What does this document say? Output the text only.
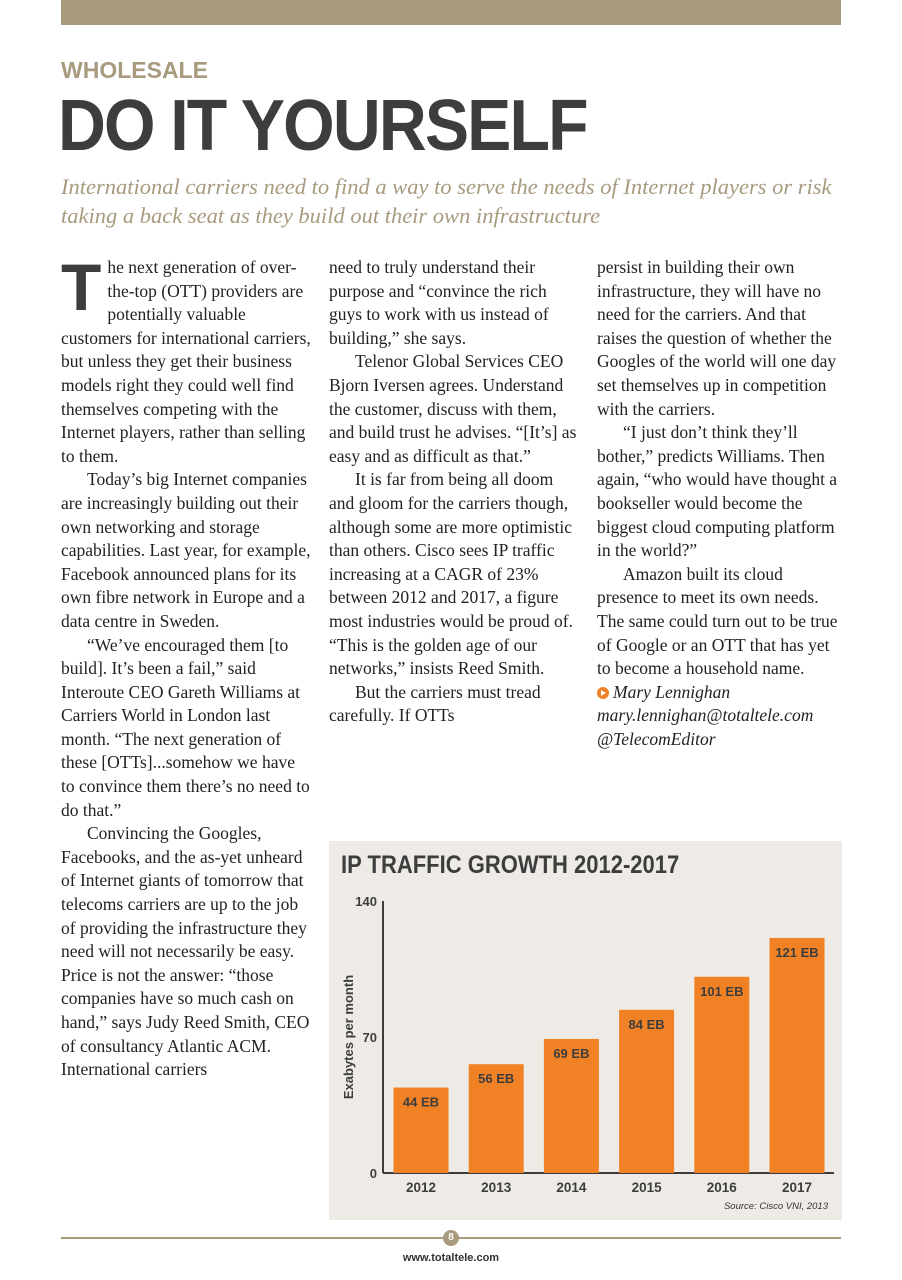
WHOLESALE
DO IT YOURSELF
International carriers need to find a way to serve the needs of Internet players or risk taking a back seat as they build out their own infrastructure

The next generation of over-the-top (OTT) providers are potentially valuable customers for international carriers, but unless they get their business models right they could well find themselves competing with the Internet players, rather than selling to them.

Today’s big Internet companies are increasingly building out their own networking and storage capabilities. Last year, for example, Facebook announced plans for its own fibre network in Europe and a data centre in Sweden.

“We’ve encouraged them [to build]. It’s been a fail,” said Interoute CEO Gareth Williams at Carriers World in London last month. “The next generation of these [OTTs]...somehow we have to convince them there’s no need to do that.”

Convincing the Googles, Facebooks, and the as-yet unheard of Internet giants of tomorrow that telecoms carriers are up to the job of providing the infrastructure they need will not necessarily be easy. Price is not the answer: “those companies have so much cash on hand,” says Judy Reed Smith, CEO of consultancy Atlantic ACM. International carriers

need to truly understand their purpose and “convince the rich guys to work with us instead of building,” she says.

Telenor Global Services CEO Bjorn Iversen agrees. Understand the customer, discuss with them, and build trust he advises. “[It’s] as easy and as difficult as that.”

It is far from being all doom and gloom for the carriers though, although some are more optimistic than others. Cisco sees IP traffic increasing at a CAGR of 23% between 2012 and 2017, a figure most industries would be proud of. “This is the golden age of our networks,” insists Reed Smith.

But the carriers must tread carefully. If OTTs

persist in building their own infrastructure, they will have no need for the carriers. And that raises the question of whether the Googles of the world will one day set themselves up in competition with the carriers.

“I just don’t think they’ll bother,” predicts Williams. Then again, “who would have thought a bookseller would become the biggest cloud computing platform in the world?”

Amazon built its cloud presence to meet its own needs. The same could turn out to be true of Google or an OTT that has yet to become a household name.

Mary Lennighan

mary.lennighan@totaltele.com

@TelecomEditor

0
70
140
Exabytes per month
44 EB
2012
56 EB
2013
69 EB
2014
84 EB
2015
101 EB
2016
121 EB
2017
IP TRAFFIC GROWTH 2012-2017
Source: Cisco VNI, 2013
8
www.totaltele.com
